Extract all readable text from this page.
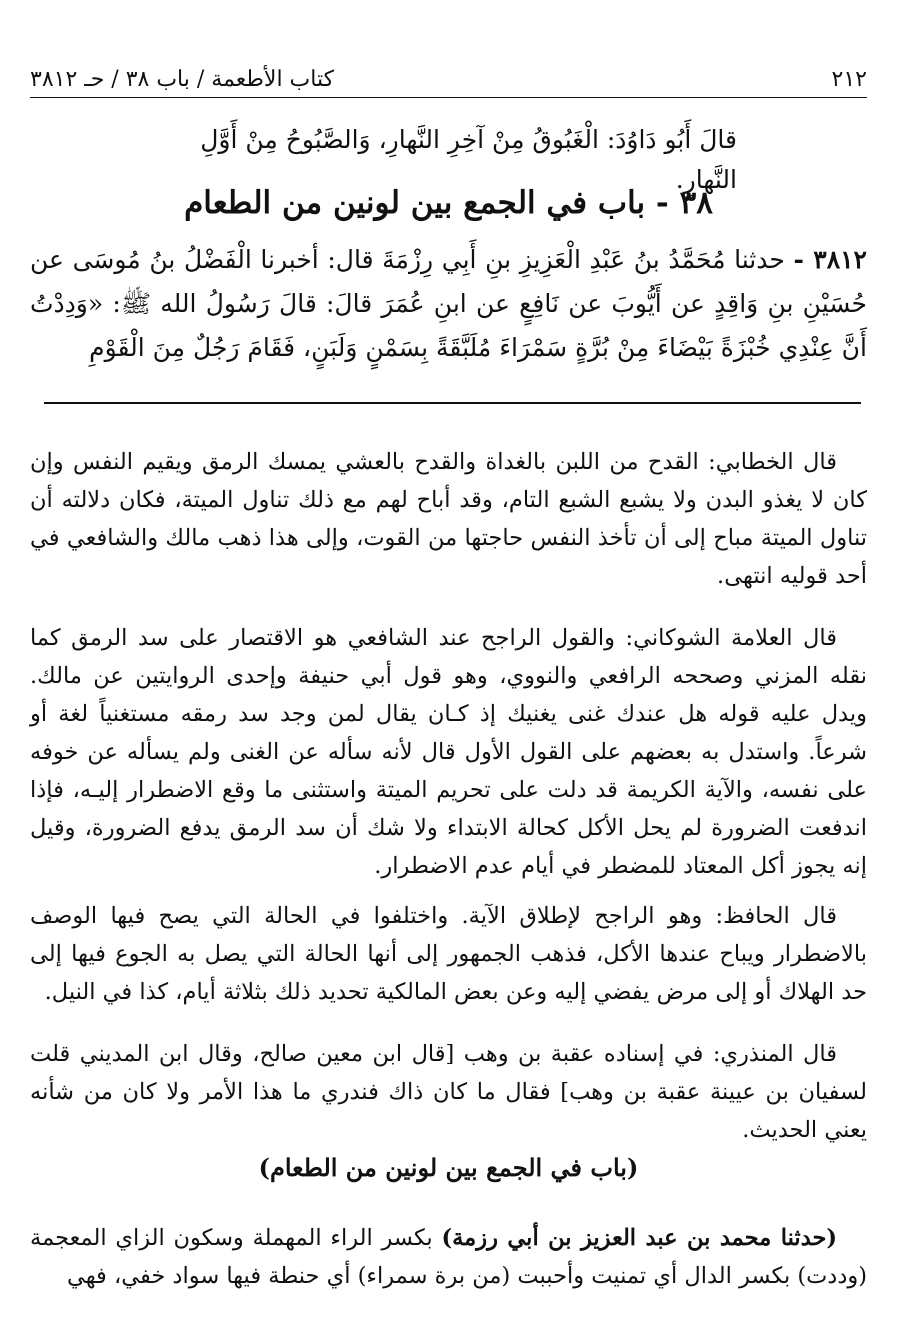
٢١٢
كتاب الأطعمة / باب ٣٨ / حـ ٣٨١٢
قالَ أَبُو دَاوُدَ: الْغَبُوقُ مِنْ آخِرِ النَّهارِ، وَالصَّبُوحُ مِنْ أَوَّلِ النَّهارِ.
٣٨ - باب في الجمع بين لونين من الطعام
٣٨١٢ - حدثنا مُحَمَّدُ بنُ عَبْدِ الْعَزِيزِ بنِ أَبِي رِزْمَةَ قال: أخبرنا الْفَضْلُ بنُ مُوسَى عن حُسَيْنِ بنِ وَاقِدٍ عن أَيُّوبَ عن نَافِعٍ عن ابنِ عُمَرَ قالَ: قالَ رَسُولُ الله ﷺ: «وَدِدْتُ أَنَّ عِنْدِي خُبْزَةً بَيْضَاءَ مِنْ بُرَّةٍ سَمْرَاءَ مُلَبَّقَةً بِسَمْنٍ وَلَبَنٍ، فَقَامَ رَجُلٌ مِنَ الْقَوْمِ

قال الخطابي: القدح من اللبن بالغداة والقدح بالعشي يمسك الرمق ويقيم النفس وإن كان لا يغذو البدن ولا يشبع الشبع التام، وقد أباح لهم مع ذلك تناول الميتة، فكان دلالته أن تناول الميتة مباح إلى أن تأخذ النفس حاجتها من القوت، وإلى هذا ذهب مالك والشافعي في أحد قوليه انتهى.

قال العلامة الشوكاني: والقول الراجح عند الشافعي هو الاقتصار على سد الرمق كما نقله المزني وصححه الرافعي والنووي، وهو قول أبي حنيفة وإحدى الروايتين عن مالك. ويدل عليه قوله هل عندك غنى يغنيك إذ كـان يقال لمن وجد سد رمقه مستغنياً لغة أو شرعاً. واستدل به بعضهم على القول الأول قال لأنه سأله عن الغنى ولم يسأله عن خوفه على نفسه، والآية الكريمة قد دلت على تحريم الميتة واستثنى ما وقع الاضطرار إليـه، فإذا اندفعت الضرورة لم يحل الأكل كحالة الابتداء ولا شك أن سد الرمق يدفع الضرورة، وقيل إنه يجوز أكل المعتاد للمضطر في أيام عدم الاضطرار.

قال الحافظ: وهو الراجح لإطلاق الآية. واختلفوا في الحالة التي يصح فيها الوصف بالاضطرار ويباح عندها الأكل، فذهب الجمهور إلى أنها الحالة التي يصل به الجوع فيها إلى حد الهلاك أو إلى مرض يفضي إليه وعن بعض المالكية تحديد ذلك بثلاثة أيام، كذا في النيل.

قال المنذري: في إسناده عقبة بن وهب [قال ابن معين صالح، وقال ابن المديني قلت لسفيان بن عيينة عقبة بن وهب] فقال ما كان ذاك فندري ما هذا الأمر ولا كان من شأنه يعني الحديث.

(باب في الجمع بين لونين من الطعام)

(حدثنا محمد بن عبد العزيز بن أبي رزمة) بكسر الراء المهملة وسكون الزاي المعجمة (وددت) بكسر الدال أي تمنيت وأحببت (من برة سمراء) أي حنطة فيها سواد خفي، فهي
